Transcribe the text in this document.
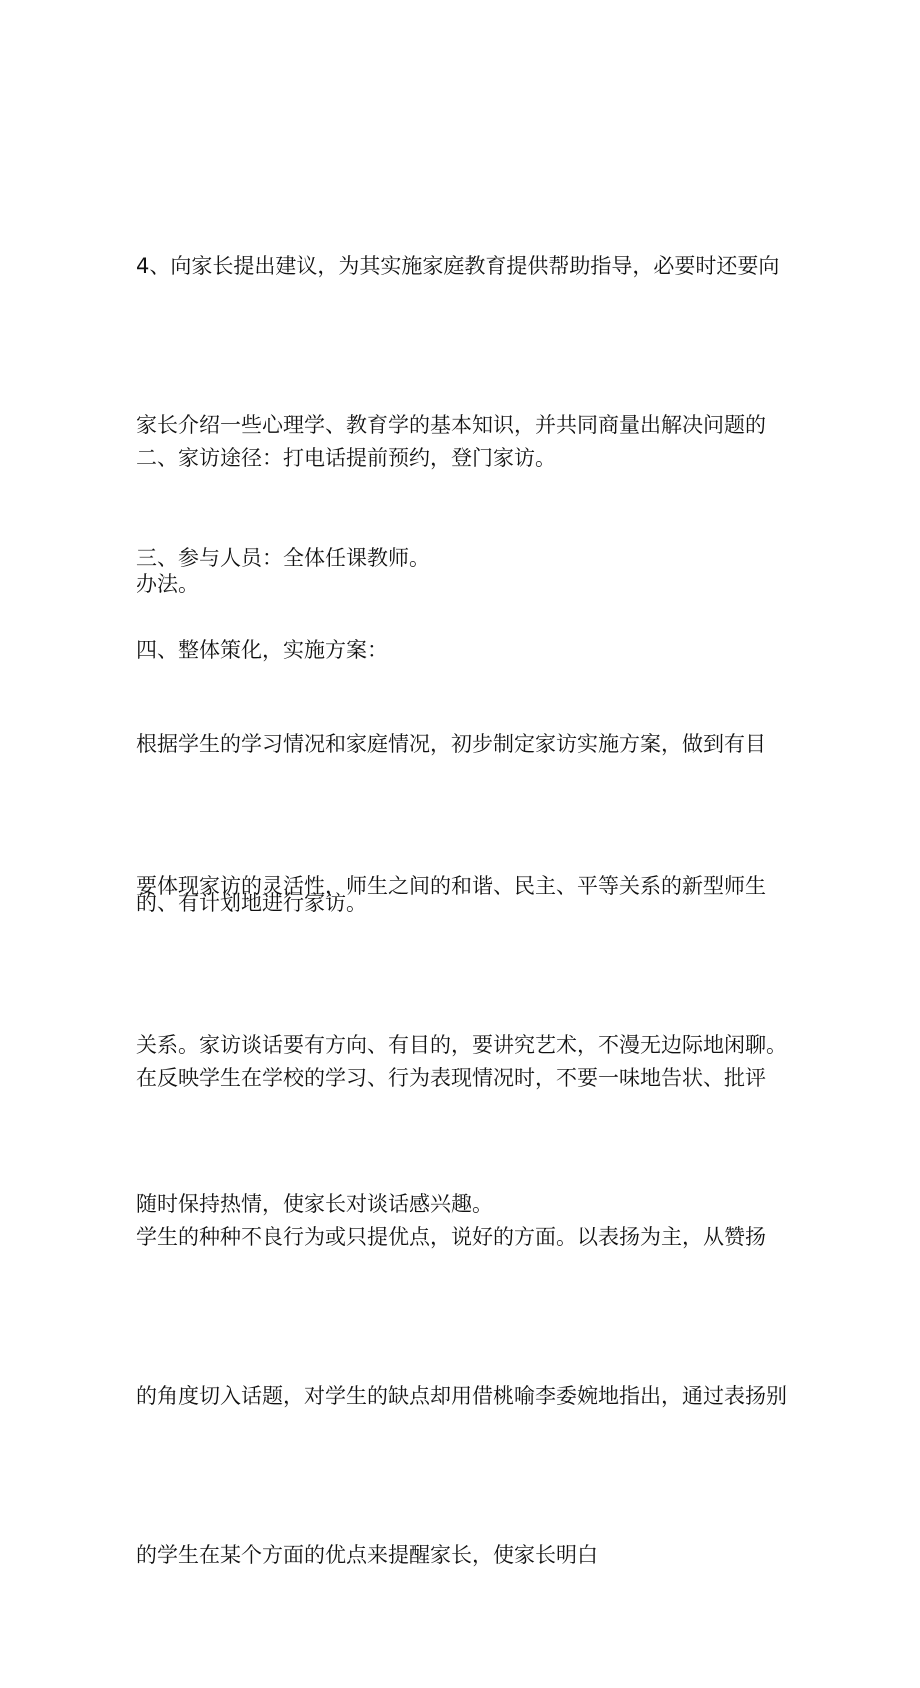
4、向家长提出建议，为其实施家庭教育提供帮助指导，必要时还要向

家长介绍一些心理学、教育学的基本知识，并共同商量出解决问题的

办法。

二、家访途径：打电话提前预约，登门家访。

三、参与人员：全体任课教师。

四、整体策化，实施方案：

根据学生的学习情况和家庭情况，初步制定家访实施方案，做到有目

的、有计划地进行家访。

要体现家访的灵活性，师生之间的和谐、民主、平等关系的新型师生

关系。家访谈话要有方向、有目的，要讲究艺术，不漫无边际地闲聊。

随时保持热情，使家长对谈话感兴趣。

在反映学生在学校的学习、行为表现情况时，不要一味地告状、批评

学生的种种不良行为或只提优点，说好的方面。以表扬为主，从赞扬

的角度切入话题，对学生的缺点却用借桃喻李委婉地指出，通过表扬别

的学生在某个方面的优点来提醒家长，使家长明白
